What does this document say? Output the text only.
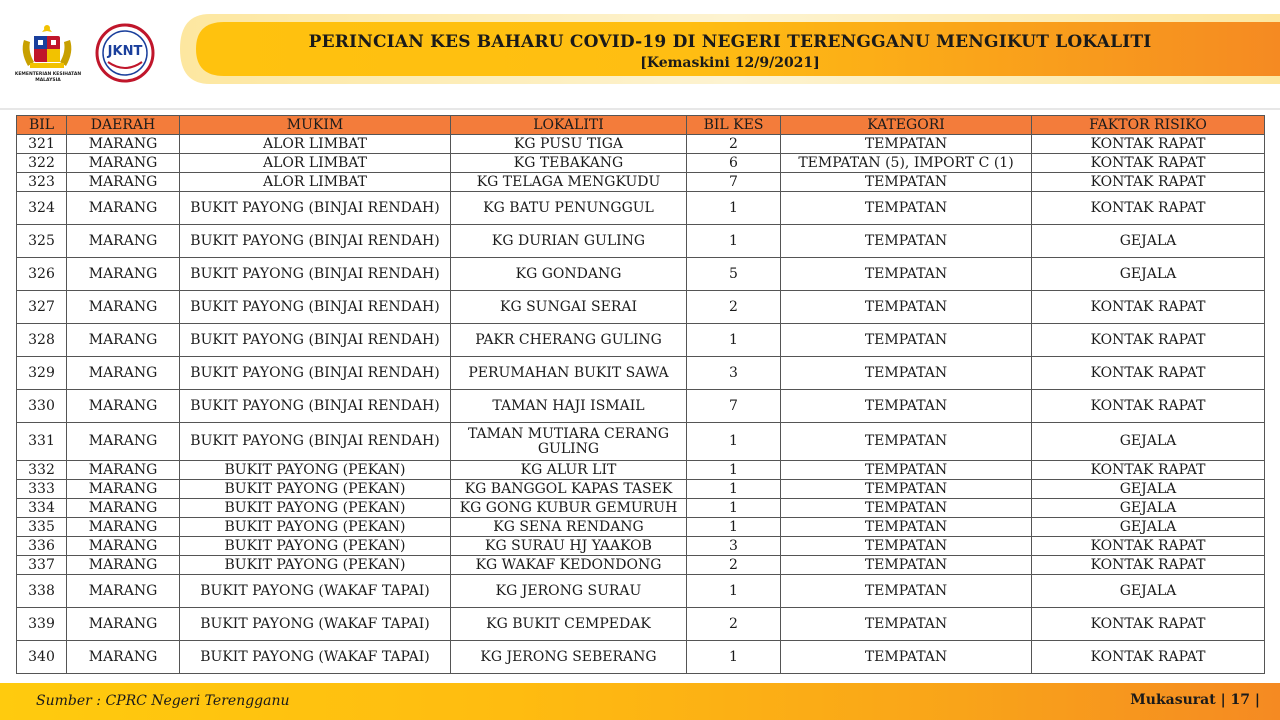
KEMENTERIAN KESIHATAN MALAYSIA
JKNT	PERINCIAN KES BAHARU COVID-19 DI NEGERI TERENGGANU MENGIKUT LOKALITI
[Kemaskini 12/9/2021]
BIL	DAERAH	MUKIM	LOKALITI	BIL KES	KATEGORI	FAKTOR RISIKO
321	MARANG	ALOR LIMBAT	KG PUSU TIGA	2	TEMPATAN	KONTAK RAPAT
322	MARANG	ALOR LIMBAT	KG TEBAKANG	6	TEMPATAN (5), IMPORT C (1)	KONTAK RAPAT
323	MARANG	ALOR LIMBAT	KG TELAGA MENGKUDU	7	TEMPATAN	KONTAK RAPAT
324	MARANG	BUKIT PAYONG (BINJAI RENDAH)	KG BATU PENUNGGUL	1	TEMPATAN	KONTAK RAPAT
325	MARANG	BUKIT PAYONG (BINJAI RENDAH)	KG DURIAN GULING	1	TEMPATAN	GEJALA
326	MARANG	BUKIT PAYONG (BINJAI RENDAH)	KG GONDANG	5	TEMPATAN	GEJALA
327	MARANG	BUKIT PAYONG (BINJAI RENDAH)	KG SUNGAI SERAI	2	TEMPATAN	KONTAK RAPAT
328	MARANG	BUKIT PAYONG (BINJAI RENDAH)	PAKR CHERANG GULING	1	TEMPATAN	KONTAK RAPAT
329	MARANG	BUKIT PAYONG (BINJAI RENDAH)	PERUMAHAN BUKIT SAWA	3	TEMPATAN	KONTAK RAPAT
330	MARANG	BUKIT PAYONG (BINJAI RENDAH)	TAMAN HAJI ISMAIL	7	TEMPATAN	KONTAK RAPAT
331	MARANG	BUKIT PAYONG (BINJAI RENDAH)	TAMAN MUTIARA CERANG GULING	1	TEMPATAN	GEJALA
332	MARANG	BUKIT PAYONG (PEKAN)	KG ALUR LIT	1	TEMPATAN	KONTAK RAPAT
333	MARANG	BUKIT PAYONG (PEKAN)	KG BANGGOL KAPAS TASEK	1	TEMPATAN	GEJALA
334	MARANG	BUKIT PAYONG (PEKAN)	KG GONG KUBUR GEMURUH	1	TEMPATAN	GEJALA
335	MARANG	BUKIT PAYONG (PEKAN)	KG SENA RENDANG	1	TEMPATAN	GEJALA
336	MARANG	BUKIT PAYONG (PEKAN)	KG SURAU HJ YAAKOB	3	TEMPATAN	KONTAK RAPAT
337	MARANG	BUKIT PAYONG (PEKAN)	KG WAKAF KEDONDONG	2	TEMPATAN	KONTAK RAPAT
338	MARANG	BUKIT PAYONG (WAKAF TAPAI)	KG JERONG SURAU	1	TEMPATAN	GEJALA
339	MARANG	BUKIT PAYONG (WAKAF TAPAI)	KG BUKIT CEMPEDAK	2	TEMPATAN	KONTAK RAPAT
340	MARANG	BUKIT PAYONG (WAKAF TAPAI)	KG JERONG SEBERANG	1	TEMPATAN	KONTAK RAPAT
Sumber : CPRC Negeri Terengganu	Mukasurat | 17 |
